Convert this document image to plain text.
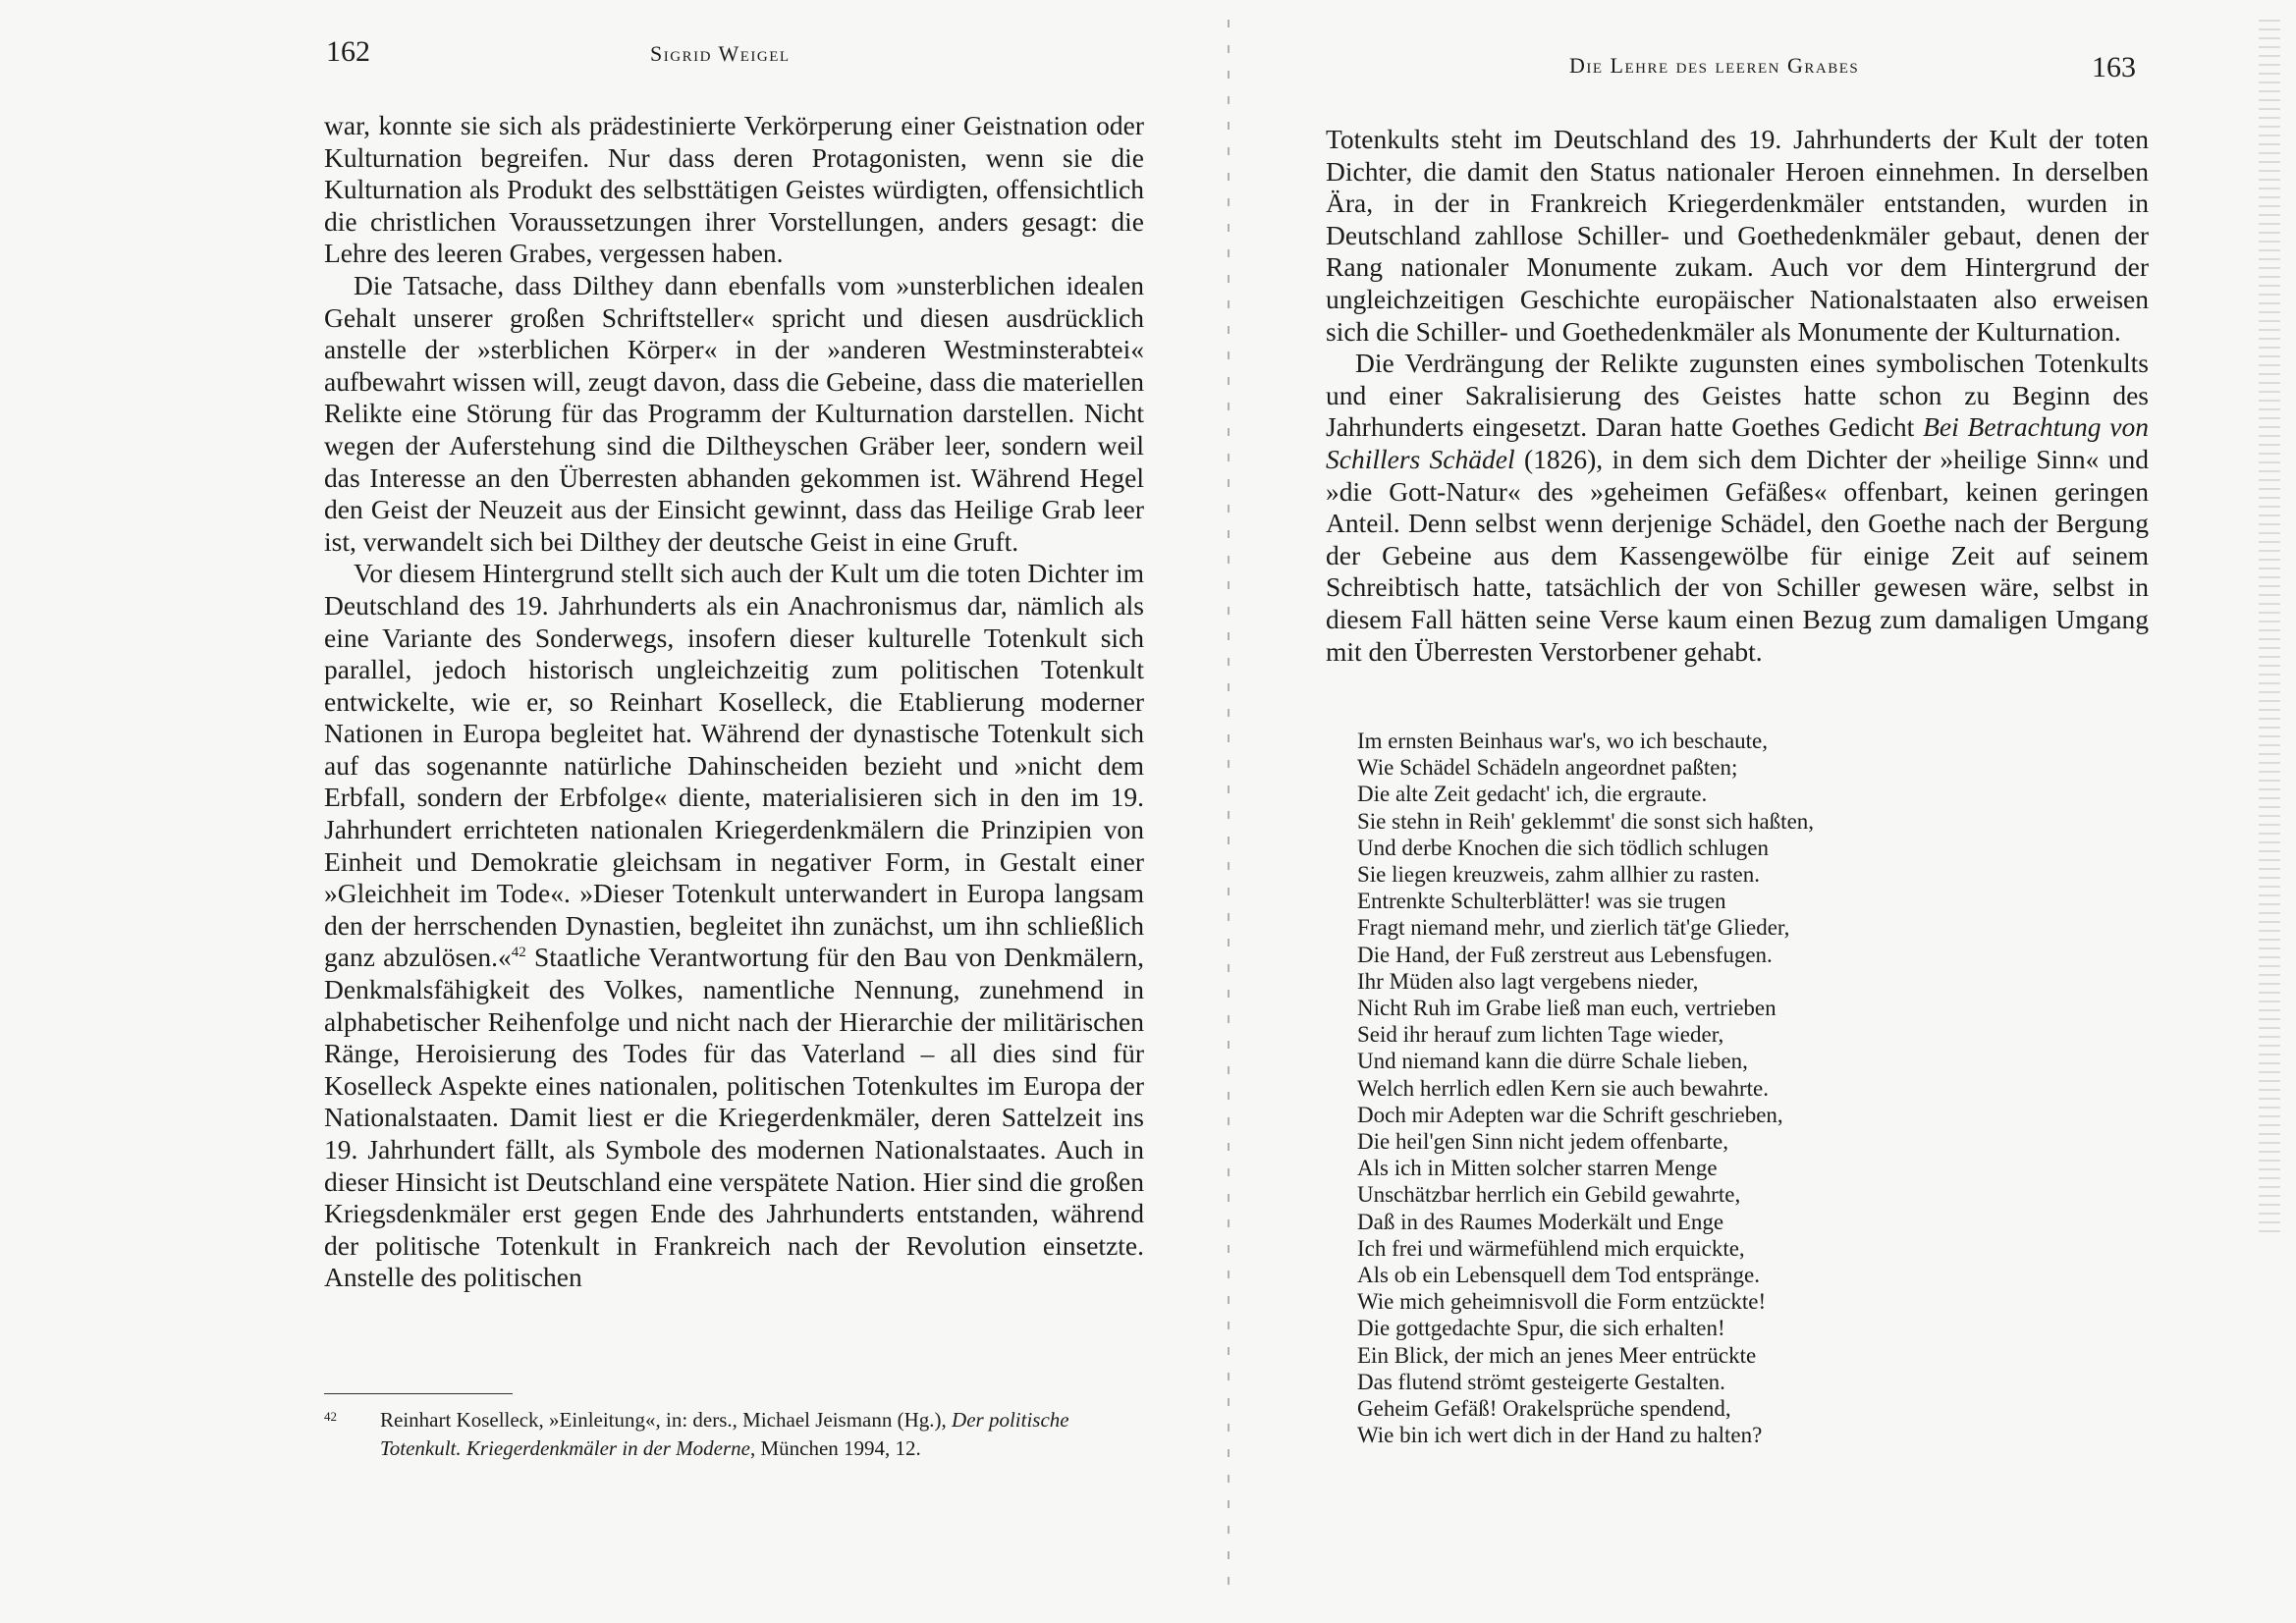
162	Sigrid Weigel

war, konnte sie sich als prädestinierte Verkörperung einer Geistnation oder Kulturnation begreifen. Nur dass deren Protagonisten, wenn sie die Kulturnation als Produkt des selbsttätigen Geistes würdigten, offensichtlich die christlichen Voraussetzungen ihrer Vorstellungen, anders gesagt: die Lehre des leeren Grabes, vergessen haben.

Die Tatsache, dass Dilthey dann ebenfalls vom »unsterblichen idealen Gehalt unserer großen Schriftsteller« spricht und diesen ausdrücklich anstelle der »sterblichen Körper« in der »anderen Westminsterabtei« aufbewahrt wissen will, zeugt davon, dass die Gebeine, dass die materiellen Relikte eine Störung für das Programm der Kulturnation darstellen. Nicht wegen der Auferstehung sind die Diltheyschen Gräber leer, sondern weil das Interesse an den Überresten abhanden gekommen ist. Während Hegel den Geist der Neuzeit aus der Einsicht gewinnt, dass das Heilige Grab leer ist, verwandelt sich bei Dilthey der deutsche Geist in eine Gruft.

Vor diesem Hintergrund stellt sich auch der Kult um die toten Dichter im Deutschland des 19. Jahrhunderts als ein Anachronismus dar, nämlich als eine Variante des Sonderwegs, insofern dieser kulturelle Totenkult sich parallel, jedoch historisch ungleichzeitig zum politischen Totenkult entwickelte, wie er, so Reinhart Koselleck, die Etablierung moderner Nationen in Europa begleitet hat. Während der dynastische Totenkult sich auf das sogenannte natürliche Dahinscheiden bezieht und »nicht dem Erbfall, sondern der Erbfolge« diente, materialisieren sich in den im 19. Jahrhundert errichteten nationalen Kriegerdenkmälern die Prinzipien von Einheit und Demokratie gleichsam in negativer Form, in Gestalt einer »Gleichheit im Tode«. »Dieser Totenkult unterwandert in Europa langsam den der herrschenden Dynastien, begleitet ihn zunächst, um ihn schließlich ganz abzulösen.«$^{42}$ Staatliche Verantwortung für den Bau von Denkmälern, Denkmalsfähigkeit des Volkes, namentliche Nennung, zunehmend in alphabetischer Reihenfolge und nicht nach der Hierarchie der militärischen Ränge, Heroisierung des Todes für das Vaterland – all dies sind für Koselleck Aspekte eines nationalen, politischen Totenkultes im Europa der Nationalstaaten. Damit liest er die Kriegerdenkmäler, deren Sattelzeit ins 19. Jahrhundert fällt, als Symbole des modernen Nationalstaates. Auch in dieser Hinsicht ist Deutschland eine verspätete Nation. Hier sind die großen Kriegsdenkmäler erst gegen Ende des Jahrhunderts entstanden, während der politische Totenkult in Frankreich nach der Revolution einsetzte. Anstelle des politischen

42 Reinhart Koselleck, »Einleitung«, in: ders., Michael Jeismann (Hg.), Der politische Totenkult. Kriegerdenkmäler in der Moderne, München 1994, 12.
Die Lehre des leeren Grabes	163

Totenkults steht im Deutschland des 19. Jahrhunderts der Kult der toten Dichter, die damit den Status nationaler Heroen einnehmen. In derselben Ära, in der in Frankreich Kriegerdenkmäler entstanden, wurden in Deutschland zahllose Schiller- und Goethedenkmäler gebaut, denen der Rang nationaler Monumente zukam. Auch vor dem Hintergrund der ungleichzeitigen Geschichte europäischer Nationalstaaten also erweisen sich die Schiller- und Goethedenkmäler als Monumente der Kulturnation.

Die Verdrängung der Relikte zugunsten eines symbolischen Totenkults und einer Sakralisierung des Geistes hatte schon zu Beginn des Jahrhunderts eingesetzt. Daran hatte Goethes Gedicht Bei Betrachtung von Schillers Schädel (1826), in dem sich dem Dichter der »heilige Sinn« und »die Gott-Natur« des »geheimen Gefäßes« offenbart, keinen geringen Anteil. Denn selbst wenn derjenige Schädel, den Goethe nach der Bergung der Gebeine aus dem Kassengewölbe für einige Zeit auf seinem Schreibtisch hatte, tatsächlich der von Schiller gewesen wäre, selbst in diesem Fall hätten seine Verse kaum einen Bezug zum damaligen Umgang mit den Überresten Verstorbener gehabt.

Im ernsten Beinhaus war's, wo ich beschaute,
Wie Schädel Schädeln angeordnet paßten;
Die alte Zeit gedacht' ich, die ergraute.
Sie stehn in Reih' geklemmt' die sonst sich haßten,
Und derbe Knochen die sich tödlich schlugen
Sie liegen kreuzweis, zahm allhier zu rasten.
Entrenkte Schulterblätter! was sie trugen
Fragt niemand mehr, und zierlich tät'ge Glieder,
Die Hand, der Fuß zerstreut aus Lebensfugen.
Ihr Müden also lagt vergebens nieder,
Nicht Ruh im Grabe ließ man euch, vertrieben
Seid ihr herauf zum lichten Tage wieder,
Und niemand kann die dürre Schale lieben,
Welch herrlich edlen Kern sie auch bewahrte.
Doch mir Adepten war die Schrift geschrieben,
Die heil'gen Sinn nicht jedem offenbarte,
Als ich in Mitten solcher starren Menge
Unschätzbar herrlich ein Gebild gewahrte,
Daß in des Raumes Moderkält und Enge
Ich frei und wärmefühlend mich erquickte,
Als ob ein Lebensquell dem Tod entspränge.
Wie mich geheimnisvoll die Form entzückte!
Die gottgedachte Spur, die sich erhalten!
Ein Blick, der mich an jenes Meer entrückte
Das flutend strömt gesteigerte Gestalten.
Geheim Gefäß! Orakelsprüche spendend,
Wie bin ich wert dich in der Hand zu halten?
